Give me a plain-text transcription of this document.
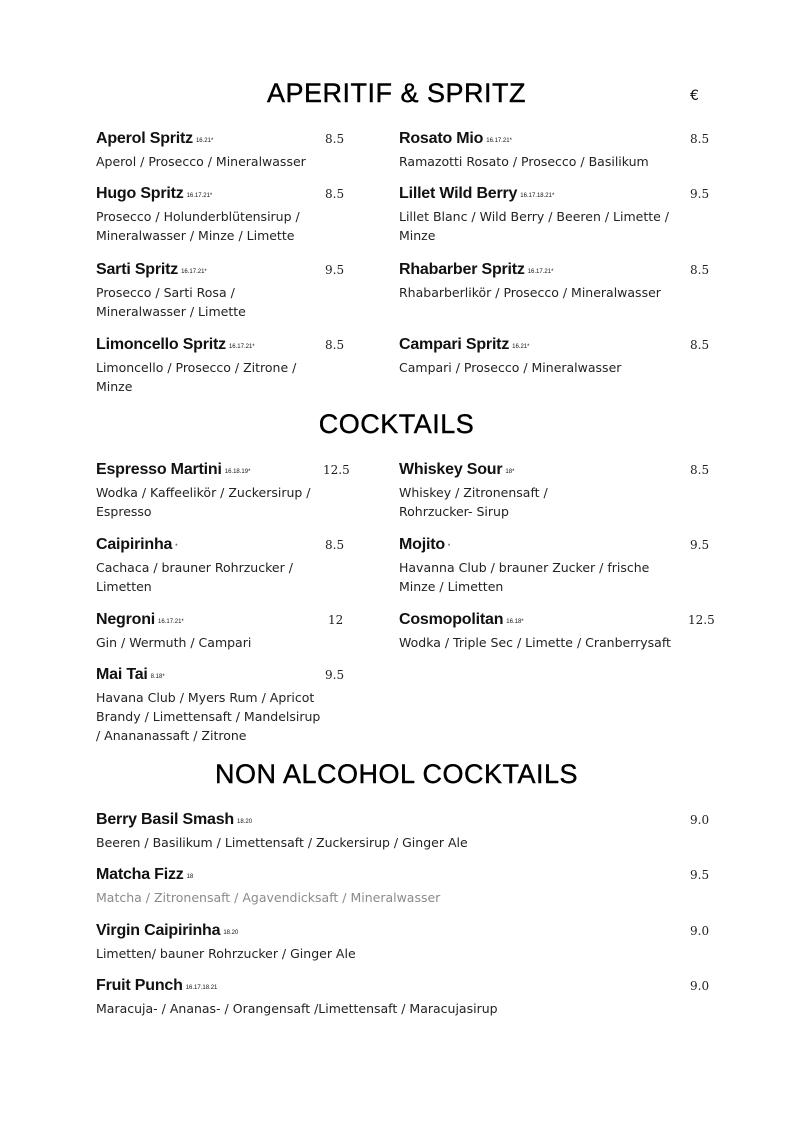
APERITIF & SPRITZ	€
Aperol Spritz 16.21*
Aperol / Prosecco / Mineralwasser
8.5	Rosato Mio 16.17.21*
Ramazotti Rosato / Prosecco / Basilikum
8.5
Hugo Spritz 16.17.21*
Prosecco / Holunderblütensirup / Mineralwasser / Minze / Limette
8.5	Lillet Wild Berry 16.17.18.21*
Lillet Blanc / Wild Berry / Beeren / Limette / Minze
9.5
Sarti Spritz 16.17.21*
Prosecco / Sarti Rosa / Mineralwasser / Limette
9.5	Rhabarber Spritz 16.17.21*
Rhabarberlikör / Prosecco / Mineralwasser
8.5
Limoncello Spritz 16.17.21*
Limoncello / Prosecco / Zitrone / Minze
8.5	Campari Spritz 16.21*
Campari / Prosecco / Mineralwasser
8.5
COCKTAILS
Espresso Martini 16.18.19*
Wodka / Kaffeelikör / Zuckersirup / Espresso
12.5	Whiskey Sour 18*
Whiskey / Zitronensaft / Rohrzucker- Sirup
8.5
Caipirinha *
Cachaca / brauner Rohrzucker / Limetten
8.5	Mojito *
Havanna Club / brauner Zucker / frische Minze / Limetten
9.5
Negroni 16.17.21*
Gin / Wermuth / Campari
12	Cosmopolitan 16.18*
Wodka / Triple Sec / Limette / Cranberrysaft
12.5
Mai Tai 8.18*
Havana Club / Myers Rum / Apricot Brandy / Limettensaft / Mandelsirup / Anananassaft / Zitrone
9.5
NON ALCOHOL COCKTAILS
Berry Basil Smash 18.20
Beeren / Basilikum / Limettensaft / Zuckersirup / Ginger Ale
9.0
Matcha Fizz 18
Matcha / Zitronensaft / Agavendicksaft / Mineralwasser
9.5
Virgin Caipirinha 18.20
Limetten/ bauner Rohrzucker / Ginger Ale
9.0
Fruit Punch 16.17.18.21
Maracuja- / Ananas- / Orangensaft /Limettensaft / Maracujasirup
9.0
